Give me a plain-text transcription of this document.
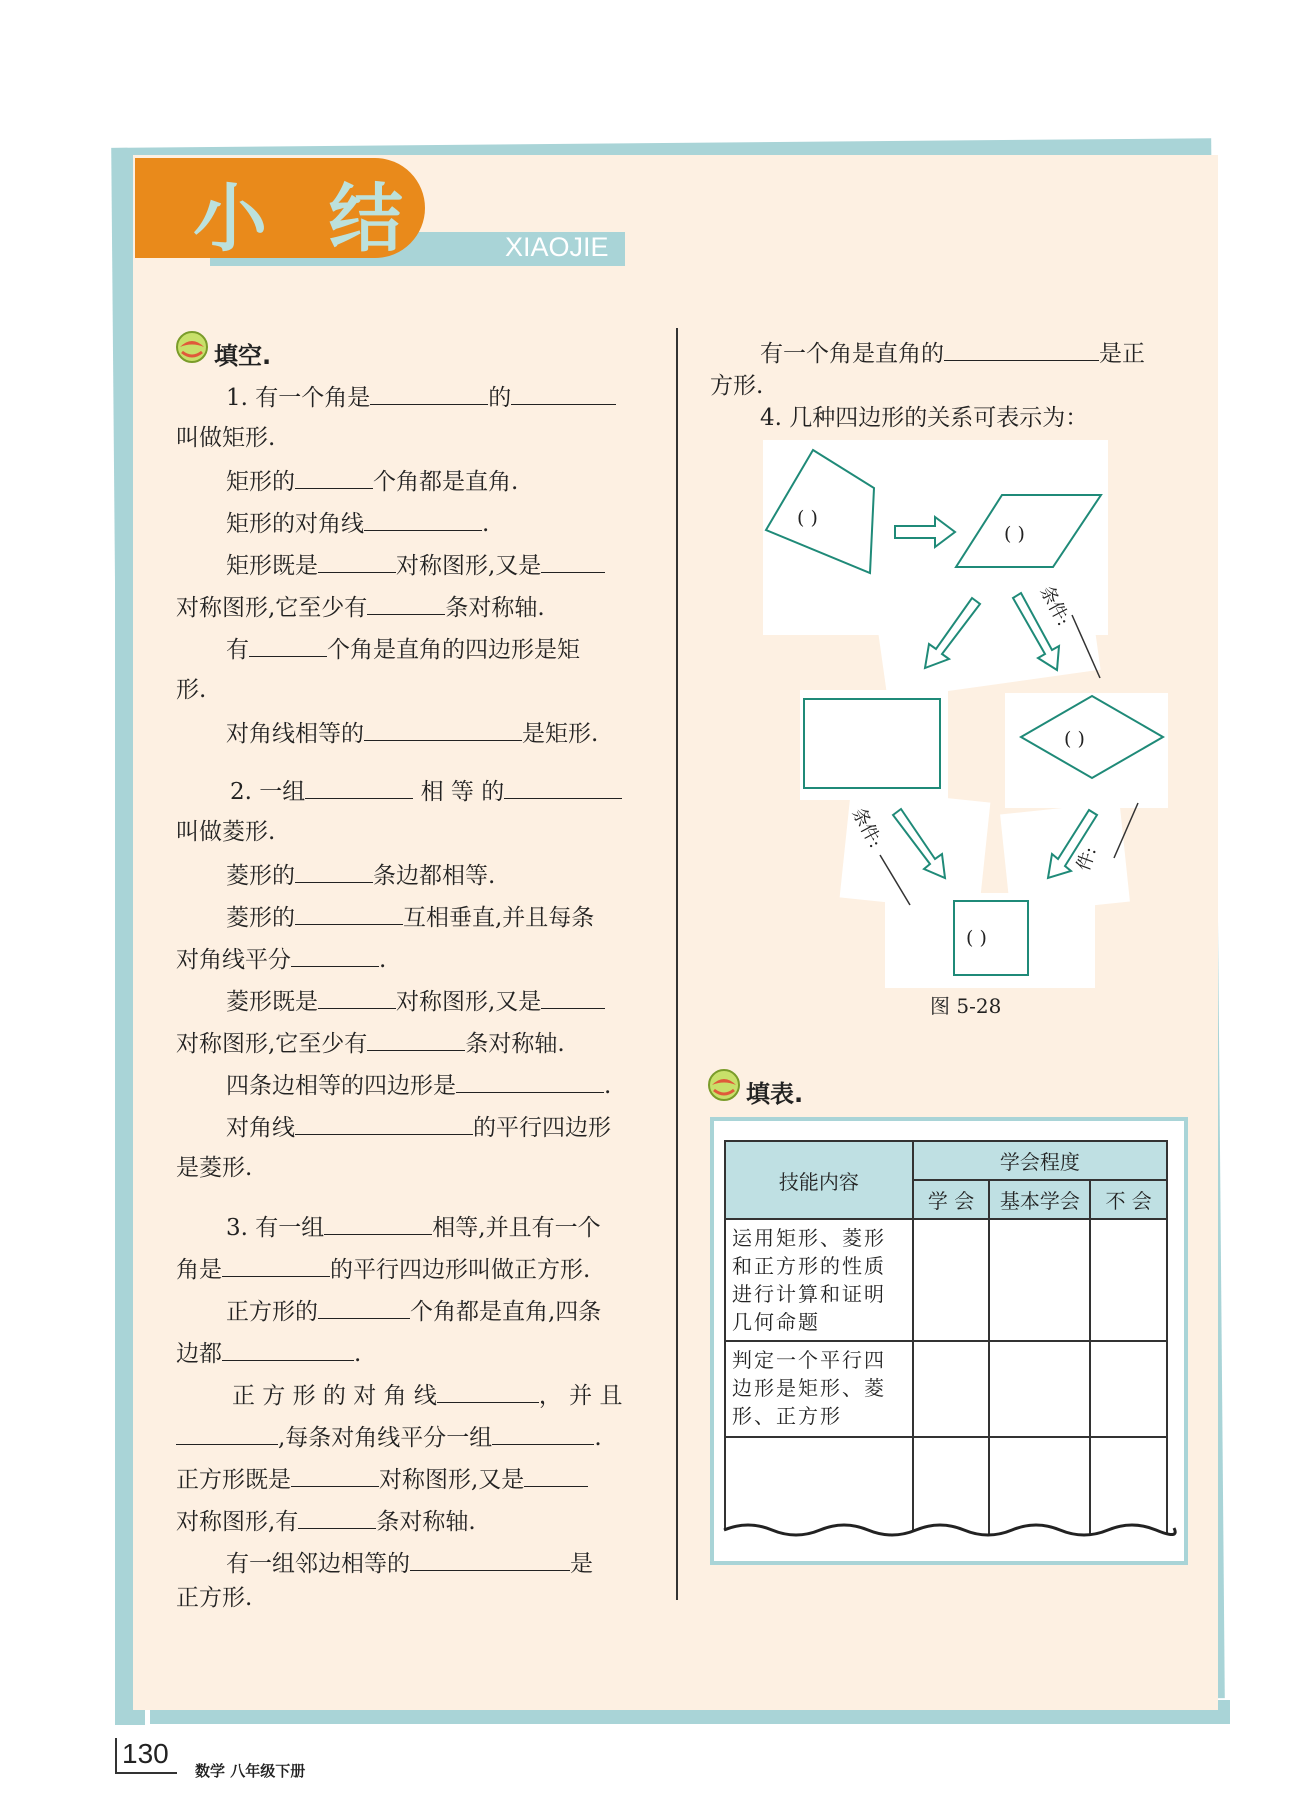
小 结	XIAOJIE
填空.
1. 有一个角是	的
叫做矩形.
矩形的	个角都是直角.
矩形的对角线	.
矩形既是	对称图形,又是
对称图形,它至少有	条对称轴.
有	个角是直角的四边形是矩
形.
对角线相等的	是矩形.
2. 一组	相 等 的
叫做菱形.
菱形的	条边都相等.
菱形的	互相垂直,并且每条
对角线平分	.
菱形既是	对称图形,又是
对称图形,它至少有	条对称轴.
四条边相等的四边形是	.
对角线	的平行四边形
是菱形.
3. 有一组	相等,并且有一个
角是	的平行四边形叫做正方形.
正方形的	个角都是直角,四条
边都	.
正 方 形 的 对 角 线	， 并 且
,每条对角线平分一组	.
正方形既是	对称图形,又是
对称图形,有	条对称轴.
有一组邻边相等的	是
正方形.
有一个角是直角的	是正
方形.
4. 几种四边形的关系可表示为：
( )
( )
( )
( )
条件:
条件:
件:
图 5-28
填表.
技能内容	学会程度		
	学 会	基本学会	不 会
运用矩形、菱形和正方形的性质进行计算和证明几何命题			
判定一个平行四边形是矩形、菱形、正方形			

130
数学 八年级下册
